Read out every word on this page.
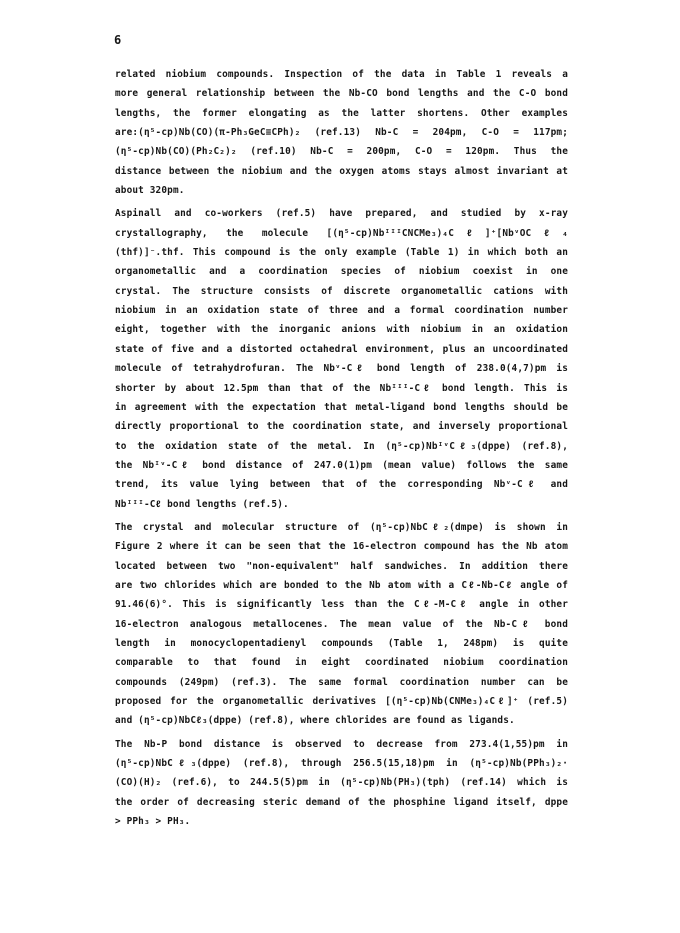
6
related niobium compounds. Inspection of the data in Table 1 reveals a
more general relationship between the Nb-CO bond lengths and the C-O bond
lengths, the former elongating as the latter shortens. Other examples
are:(η⁵-cp)Nb(CO)(π-Ph₃GeC≡CPh)₂ (ref.13) Nb-C = 204pm, C-O = 117pm;
(η⁵-cp)Nb(CO)(Ph₂C₂)₂ (ref.10) Nb-C = 200pm, C-O = 120pm. Thus the
distance between the niobium and the oxygen atoms stays almost invariant at
about 320pm.
Aspinall and co-workers (ref.5) have prepared, and studied by x-ray
crystallography, the molecule [(η⁵-cp)NbᴵᴵᴵCNCMe₃)₄Cℓ]⁺[NbᵛOCℓ₄
(thf)]⁻.thf. This compound is the only example (Table 1) in which both an
organometallic and a coordination species of niobium coexist in one
crystal. The structure consists of discrete organometallic cations with
niobium in an oxidation state of three and a formal coordination number
eight, together with the inorganic anions with niobium in an oxidation
state of five and a distorted octahedral environment, plus an uncoordinated
molecule of tetrahydrofuran. The Nbᵛ-Cℓ bond length of 238.0(4,7)pm is
shorter by about 12.5pm than that of the Nbᴵᴵᴵ-Cℓ bond length. This is
in agreement with the expectation that metal-ligand bond lengths should be
directly proportional to the coordination state, and inversely proportional
to the oxidation state of the metal. In (η⁵-cp)NbᴵᵛCℓ₃(dppe) (ref.8),
the Nbᴵᵛ-Cℓ bond distance of 247.0(1)pm (mean value) follows the same
trend, its value lying between that of the corresponding Nbᵛ-Cℓ and
Nbᴵᴵᴵ-Cℓ bond lengths (ref.5).
The crystal and molecular structure of (η⁵-cp)NbCℓ₂(dmpe) is shown in
Figure 2 where it can be seen that the 16-electron compound has the Nb atom
located between two "non-equivalent" half sandwiches. In addition there
are two chlorides which are bonded to the Nb atom with a Cℓ-Nb-Cℓ angle of
91.46(6)°. This is significantly less than the Cℓ-M-Cℓ angle in other
16-electron analogous metallocenes. The mean value of the Nb-Cℓ bond
length in monocyclopentadienyl compounds (Table 1, 248pm) is quite
comparable to that found in eight coordinated niobium coordination
compounds (249pm) (ref.3). The same formal coordination number can be
proposed for the organometallic derivatives [(η⁵-cp)Nb(CNMe₃)₄Cℓ]⁺ (ref.5)
and (η⁵-cp)NbCℓ₃(dppe) (ref.8), where chlorides are found as ligands.
The Nb-P bond distance is observed to decrease from 273.4(1,55)pm in
(η⁵-cp)NbCℓ₃(dppe) (ref.8), through 256.5(15,18)pm in (η⁵-cp)Nb(PPh₃)₂·
(CO)(H)₂ (ref.6), to 244.5(5)pm in (η⁵-cp)Nb(PH₃)(tph) (ref.14) which is
the order of decreasing steric demand of the phosphine ligand itself, dppe
> PPh₃ > PH₃.
